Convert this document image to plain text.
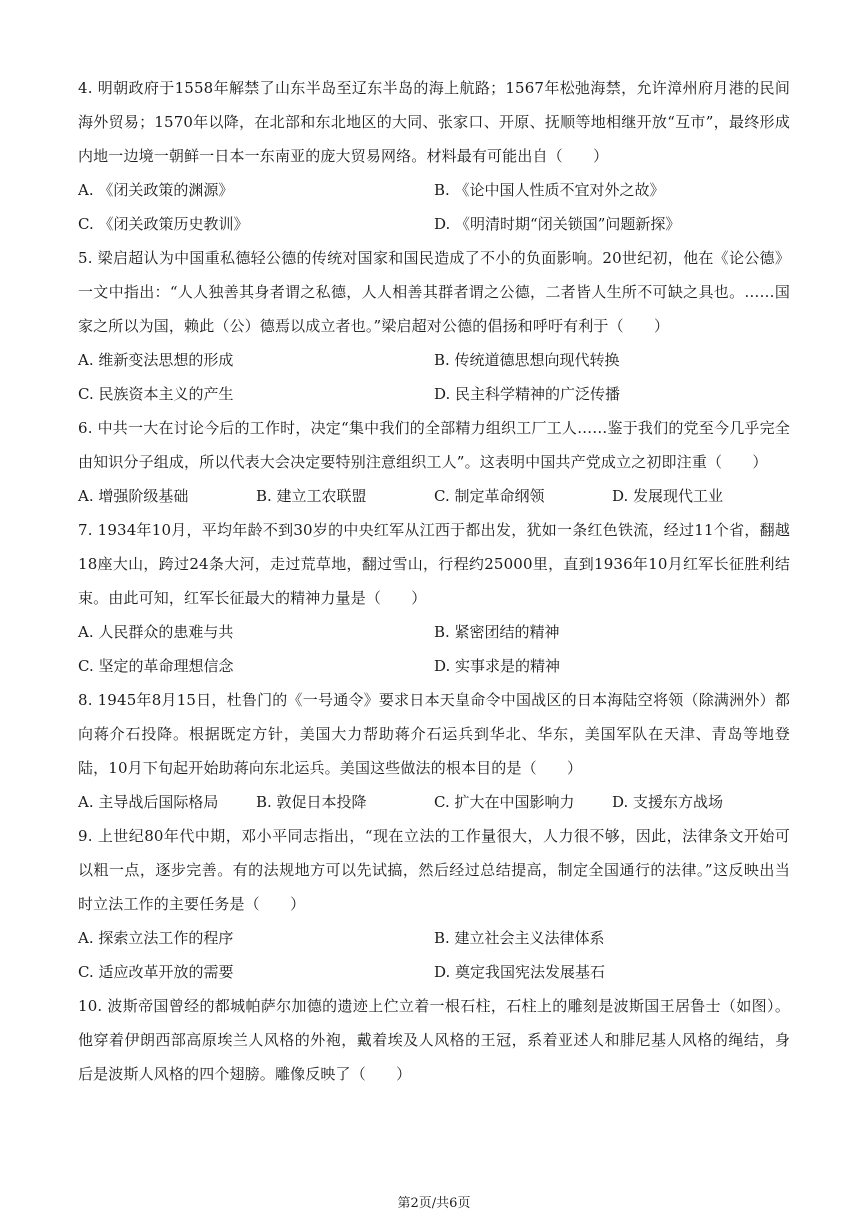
4. 明朝政府于1558年解禁了山东半岛至辽东半岛的海上航路；1567年松弛海禁，允许漳州府月港的民间海外贸易；1570年以降，在北部和东北地区的大同、张家口、开原、抚顺等地相继开放“互市”，最终形成内地一边境一朝鲜一日本一东南亚的庞大贸易网络。材料最有可能出自（　　）

A. 《闭关政策的渊源》	B. 《论中国人性质不宜对外之故》
C. 《闭关政策历史教训》	D. 《明清时期“闭关锁国”问题新探》

5. 梁启超认为中国重私德轻公德的传统对国家和国民造成了不小的负面影响。20世纪初，他在《论公德》一文中指出：“人人独善其身者谓之私德，人人相善其群者谓之公德，二者皆人生所不可缺之具也。……国家之所以为国，赖此（公）德焉以成立者也。”梁启超对公德的倡扬和呼吁有利于（　　）

A. 维新变法思想的形成	B. 传统道德思想向现代转换
C. 民族资本主义的产生	D. 民主科学精神的广泛传播

6. 中共一大在讨论今后的工作时，决定“集中我们的全部精力组织工厂工人……鉴于我们的党至今几乎完全由知识分子组成，所以代表大会决定要特别注意组织工人”。这表明中国共产党成立之初即注重（　　）

A. 增强阶级基础	B. 建立工农联盟	C. 制定革命纲领	D. 发展现代工业

7. 1934年10月，平均年龄不到30岁的中央红军从江西于都出发，犹如一条红色铁流，经过11个省，翻越18座大山，跨过24条大河，走过荒草地，翻过雪山，行程约25000里，直到1936年10月红军长征胜利结束。由此可知，红军长征最大的精神力量是（　　）

A. 人民群众的患难与共	B. 紧密团结的精神
C. 坚定的革命理想信念	D. 实事求是的精神

8. 1945年8月15日，杜鲁门的《一号通令》要求日本天皇命令中国战区的日本海陆空将领（除满洲外）都向蒋介石投降。根据既定方针，美国大力帮助蒋介石运兵到华北、华东，美国军队在天津、青岛等地登陆，10月下旬起开始助蒋向东北运兵。美国这些做法的根本目的是（　　）

A. 主导战后国际格局	B. 敦促日本投降	C. 扩大在中国影响力	D. 支援东方战场

9. 上世纪80年代中期，邓小平同志指出，“现在立法的工作量很大，人力很不够，因此，法律条文开始可以粗一点，逐步完善。有的法规地方可以先试搞，然后经过总结提高，制定全国通行的法律。”这反映出当时立法工作的主要任务是（　　）

A. 探索立法工作的程序	B. 建立社会主义法律体系
C. 适应改革开放的需要	D. 奠定我国宪法发展基石

10. 波斯帝国曾经的都城帕萨尔加德的遗迹上伫立着一根石柱，石柱上的雕刻是波斯国王居鲁士（如图）。他穿着伊朗西部高原埃兰人风格的外袍，戴着埃及人风格的王冠，系着亚述人和腓尼基人风格的绳结，身后是波斯人风格的四个翅膀。雕像反映了（　　）

第2页/共6页
